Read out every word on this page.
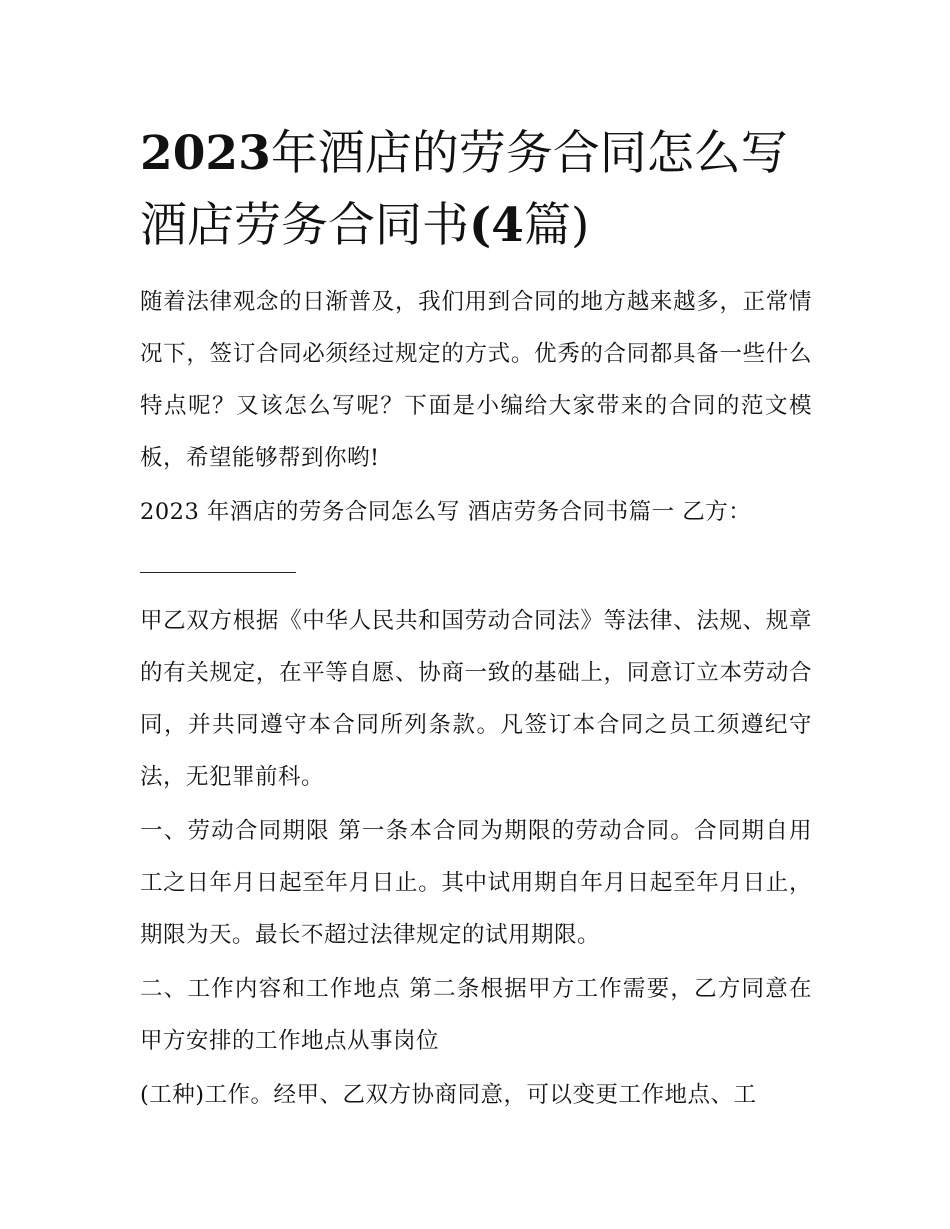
2023年酒店的劳务合同怎么写
酒店劳务合同书(4篇)

随着法律观念的日渐普及，我们用到合同的地方越来越多，正常情况下，签订合同必须经过规定的方式。优秀的合同都具备一些什么特点呢？又该怎么写呢？下面是小编给大家带来的合同的范文模板，希望能够帮到你哟!

2023 年酒店的劳务合同怎么写 酒店劳务合同书篇一 乙方：

甲乙双方根据《中华人民共和国劳动合同法》等法律、法规、规章的有关规定，在平等自愿、协商一致的基础上，同意订立本劳动合同，并共同遵守本合同所列条款。凡签订本合同之员工须遵纪守法，无犯罪前科。

一、劳动合同期限 第一条本合同为期限的劳动合同。合同期自用工之日年月日起至年月日止。其中试用期自年月日起至年月日止，期限为天。最长不超过法律规定的试用期限。

二、工作内容和工作地点 第二条根据甲方工作需要，乙方同意在甲方安排的工作地点从事岗位

(工种)工作。经甲、乙双方协商同意，可以变更工作地点、工
